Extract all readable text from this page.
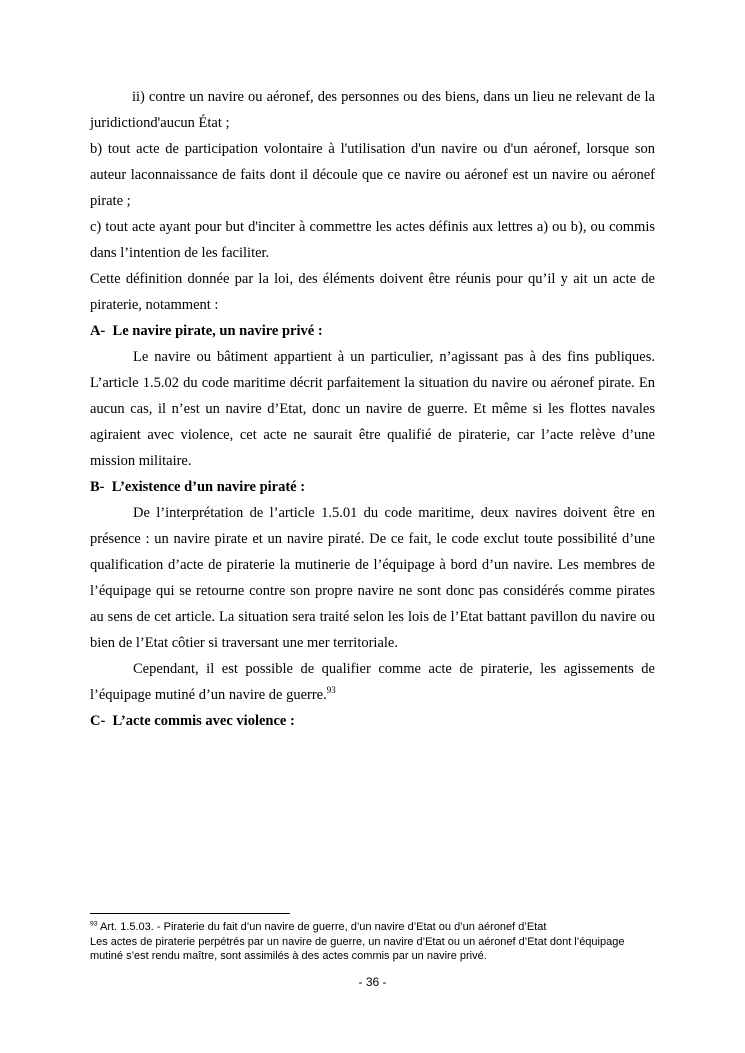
ii) contre un navire ou aéronef, des personnes ou des biens, dans un lieu ne relevant de la juridictiond'aucun État ;

b) tout acte de participation volontaire à l'utilisation d'un navire ou d'un aéronef, lorsque son auteur laconnaissance de faits dont il découle que ce navire ou aéronef est un navire ou aéronef pirate ;

c) tout acte ayant pour but d'inciter à commettre les actes définis aux lettres a) ou b), ou commis dans l’intention de les faciliter.

Cette définition donnée par la loi, des éléments doivent être réunis pour qu’il y ait un acte de piraterie, notamment :

A-  Le navire pirate, un navire privé :

Le navire ou bâtiment appartient à un particulier, n’agissant pas à des fins publiques. L’article 1.5.02 du code maritime décrit parfaitement la situation du navire ou aéronef pirate. En aucun cas, il n’est un navire d’Etat, donc un navire de guerre. Et même si les flottes navales agiraient avec violence, cet acte ne saurait être qualifié de piraterie, car l’acte relève d’une mission militaire.

B-  L’existence d’un navire piraté :

De l’interprétation de l’article 1.5.01 du code maritime, deux navires doivent être en présence : un navire pirate et un navire piraté. De ce fait, le code exclut toute possibilité d’une qualification d’acte de piraterie la mutinerie de l’équipage à bord d’un navire. Les membres de l’équipage qui se retourne contre son propre navire ne sont donc pas considérés comme pirates au sens de cet article. La situation sera traité selon les lois de l’Etat battant pavillon du navire ou bien de l’Etat côtier si traversant une mer territoriale.

Cependant, il est possible de qualifier comme acte de piraterie, les agissements de l’équipage mutiné d’un navire de guerre.$^{93}$

C-  L’acte commis avec violence :

$^{93}$ Art. 1.5.03. - Piraterie du fait d’un navire de guerre, d’un navire d’Etat ou d’un aéronef d’Etat

Les actes de piraterie perpétrés par un navire de guerre, un navire d’Etat ou un aéronef d’Etat dont l’équipage mutiné s’est rendu maître, sont assimilés à des actes commis par un navire privé.

- 36 -
